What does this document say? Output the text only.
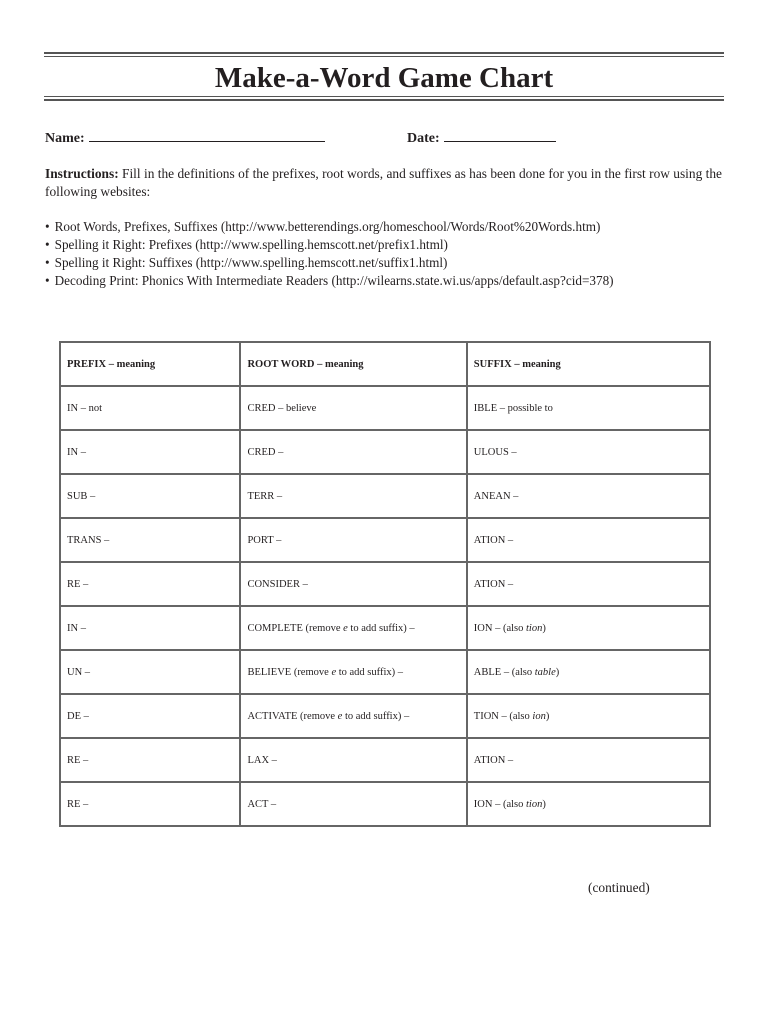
Make-a-Word Game Chart
Name:	Date:

Instructions: Fill in the definitions of the prefixes, root words, and suffixes as has been done for you in the first row using the following websites:

• Root Words, Prefixes, Suffixes (http://www.betterendings.org/homeschool/Words/Root%20Words.htm)
• Spelling it Right: Prefixes (http://www.spelling.hemscott.net/prefix1.html)
• Spelling it Right: Suffixes (http://www.spelling.hemscott.net/suffix1.html)
• Decoding Print: Phonics With Intermediate Readers (http://wilearns.state.wi.us/apps/default.asp?cid=378)
PREFIX – meaning	ROOT WORD – meaning	SUFFIX – meaning
IN – not	CRED – believe	IBLE – possible to
IN –	CRED –	ULOUS –
SUB –	TERR –	ANEAN –
TRANS –	PORT –	ATION –
RE –	CONSIDER –	ATION –
IN –	COMPLETE (remove e to add suffix) –	ION – (also tion)
UN –	BELIEVE (remove e to add suffix) –	ABLE – (also table)
DE –	ACTIVATE (remove e to add suffix) –	TION – (also ion)
RE –	LAX –	ATION –
RE –	ACT –	ION – (also tion)
(continued)
